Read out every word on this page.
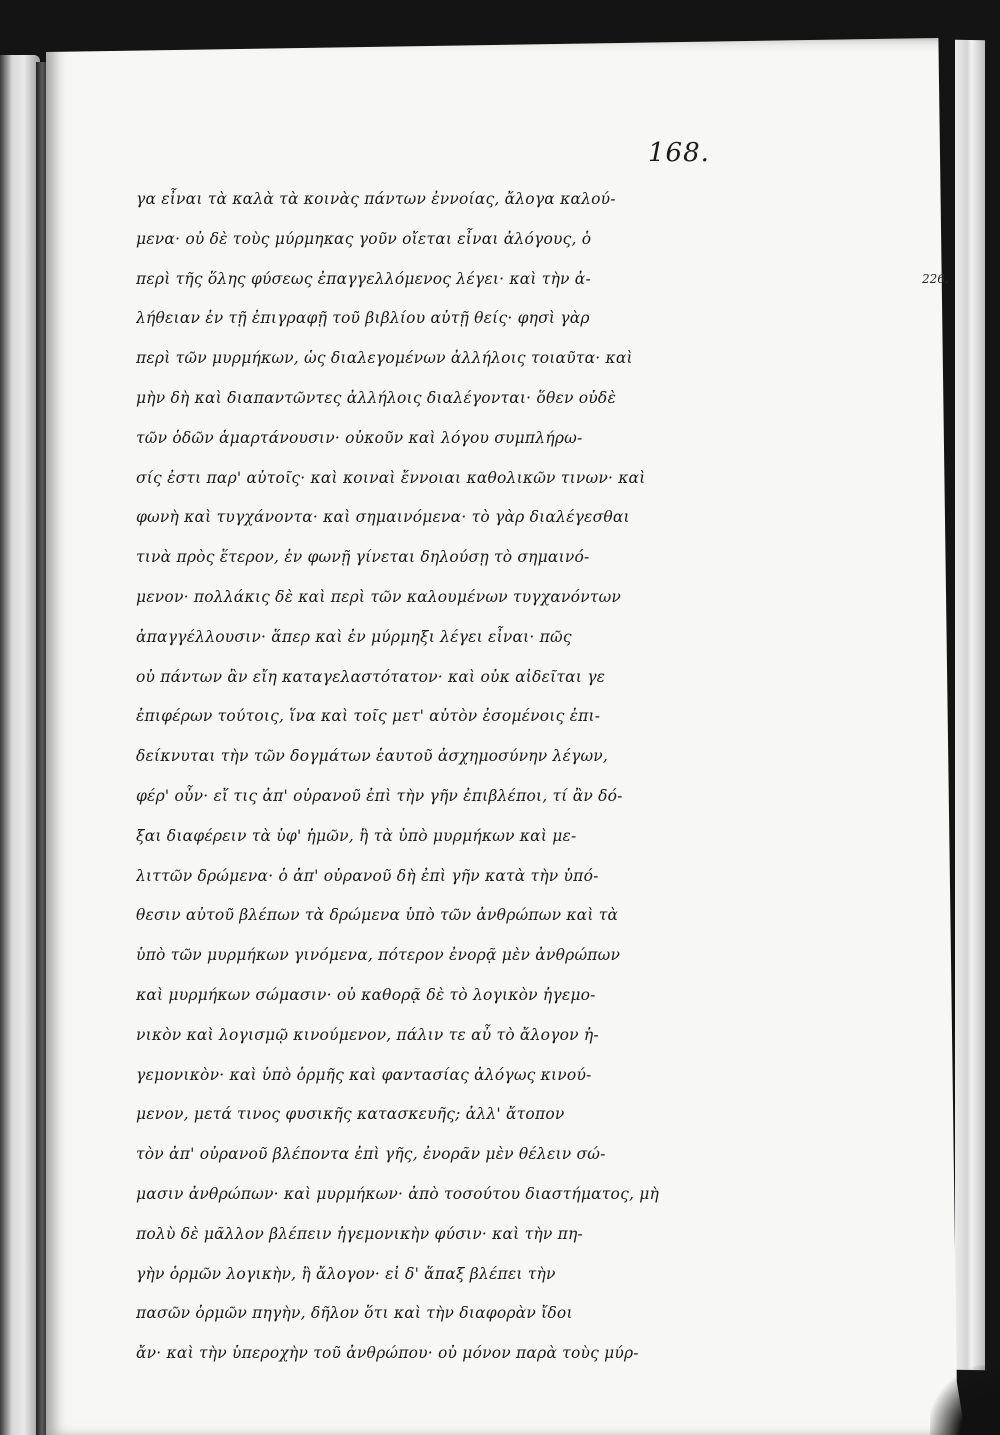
168.
226.
γα εἶναι τὰ καλὰ τὰ κοινὰς πάντων ἐννοίας, ἄλογα καλού-
μενα· οὐ δὲ τοὺς μύρμηκας γοῦν οἴεται εἶναι ἀλόγους, ὁ
περὶ τῆς ὅλης φύσεως ἐπαγγελλόμενος λέγει· καὶ τὴν ἀ-
λήθειαν ἐν τῇ ἐπιγραφῇ τοῦ βιβλίου αὐτῇ θείς· φησὶ γὰρ
περὶ τῶν μυρμήκων, ὡς διαλεγομένων ἀλλήλοις τοιαῦτα· καὶ
μὴν δὴ καὶ διαπαντῶντες ἀλλήλοις διαλέγονται· ὅθεν οὐδὲ
τῶν ὁδῶν ἁμαρτάνουσιν· οὐκοῦν καὶ λόγου συμπλήρω-
σίς ἐστι παρ' αὐτοῖς· καὶ κοιναὶ ἔννοιαι καθολικῶν τινων· καὶ
φωνὴ καὶ τυγχάνοντα· καὶ σημαινόμενα· τὸ γὰρ διαλέγεσθαι
τινὰ πρὸς ἕτερον, ἐν φωνῇ γίνεται δηλούσῃ τὸ σημαινό-
μενον· πολλάκις δὲ καὶ περὶ τῶν καλουμένων τυγχανόντων
ἀπαγγέλλουσιν· ἅπερ καὶ ἐν μύρμηξι λέγει εἶναι· πῶς
οὐ πάντων ἂν εἴη καταγελαστότατον· καὶ οὐκ αἰδεῖται γε
ἐπιφέρων τούτοις, ἵνα καὶ τοῖς μετ' αὐτὸν ἐσομένοις ἐπι-
δείκνυται τὴν τῶν δογμάτων ἑαυτοῦ ἀσχημοσύνην λέγων,
φέρ' οὖν· εἴ τις ἀπ' οὐρανοῦ ἐπὶ τὴν γῆν ἐπιβλέποι, τί ἂν δό-
ξαι διαφέρειν τὰ ὑφ' ἡμῶν, ἢ τὰ ὑπὸ μυρμήκων καὶ με-
λιττῶν δρώμενα· ὁ ἀπ' οὐρανοῦ δὴ ἐπὶ γῆν κατὰ τὴν ὑπό-
θεσιν αὐτοῦ βλέπων τὰ δρώμενα ὑπὸ τῶν ἀνθρώπων καὶ τὰ
ὑπὸ τῶν μυρμήκων γινόμενα, πότερον ἐνορᾷ μὲν ἀνθρώπων
καὶ μυρμήκων σώμασιν· οὐ καθορᾷ δὲ τὸ λογικὸν ἡγεμο-
νικὸν καὶ λογισμῷ κινούμενον, πάλιν τε αὖ τὸ ἄλογον ἡ-
γεμονικὸν· καὶ ὑπὸ ὁρμῆς καὶ φαντασίας ἀλόγως κινού-
μενον, μετά τινος φυσικῆς κατασκευῆς; ἀλλ' ἄτοπον
τὸν ἀπ' οὐρανοῦ βλέποντα ἐπὶ γῆς, ἐνορᾶν μὲν θέλειν σώ-
μασιν ἀνθρώπων· καὶ μυρμήκων· ἀπὸ τοσούτου διαστήματος, μὴ
πολὺ δὲ μᾶλλον βλέπειν ἡγεμονικὴν φύσιν· καὶ τὴν πη-
γὴν ὁρμῶν λογικὴν, ἢ ἄλογον· εἰ δ' ἅπαξ βλέπει τὴν
πασῶν ὁρμῶν πηγὴν, δῆλον ὅτι καὶ τὴν διαφορὰν ἴδοι
ἄν· καὶ τὴν ὑπεροχὴν τοῦ ἀνθρώπου· οὐ μόνον παρὰ τοὺς μύρ-
